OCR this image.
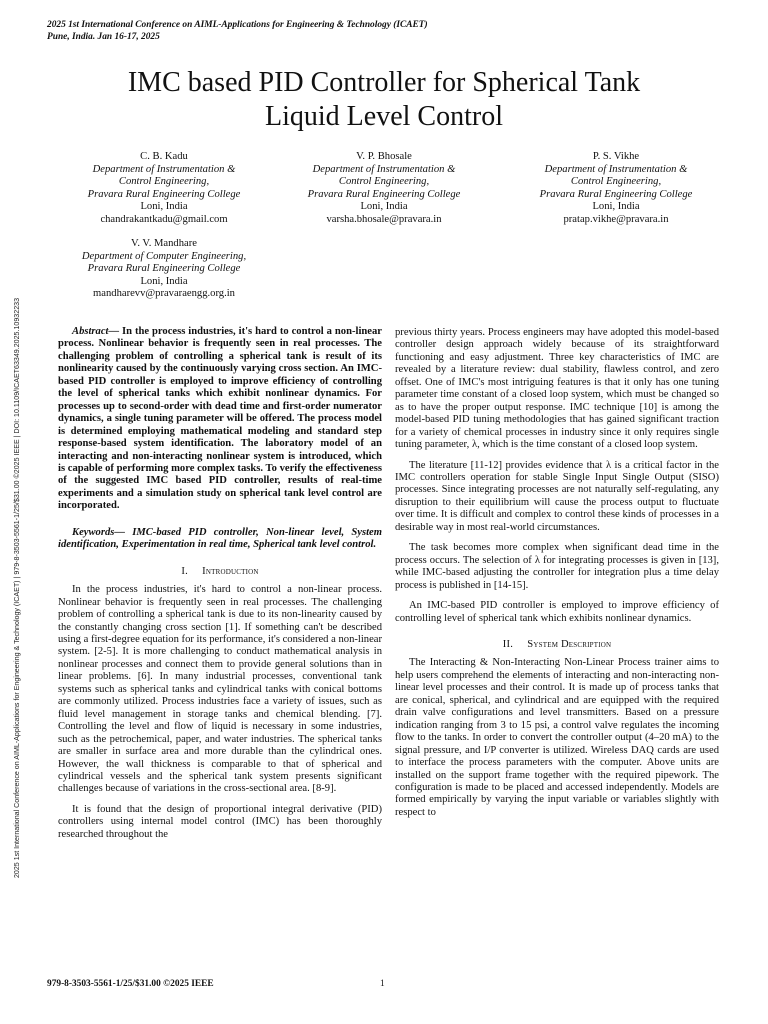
2025 1st International Conference on AIML-Applications for Engineering & Technology (ICAET)
Pune, India. Jan 16-17, 2025
IMC based PID Controller for Spherical Tank
Liquid Level Control
C. B. Kadu
Department of Instrumentation &
Control Engineering,
Pravara Rural Engineering College
Loni, India
chandrakantkadu@gmail.com
V. P. Bhosale
Department of Instrumentation &
Control Engineering,
Pravara Rural Engineering College
Loni, India
varsha.bhosale@pravara.in
P. S. Vikhe
Department of Instrumentation &
Control Engineering,
Pravara Rural Engineering College
Loni, India
pratap.vikhe@pravara.in
V. V. Mandhare
Department of Computer Engineering,
Pravara Rural Engineering College
Loni, India
mandharevv@pravaraengg.org.in
2025 1st International Conference on AIML-Applications for Engineering & Technology (ICAET) | 979-8-3503-5561-1/25/$31.00 ©2025 IEEE | DOI: 10.1109/ICAET63349.2025.10932233	Abstract— In the process industries, it's hard to control a non-linear process. Nonlinear behavior is frequently seen in real processes. The challenging problem of controlling a spherical tank is result of its nonlinearity caused by the continuously varying cross section. An IMC-based PID controller is employed to improve efficiency of controlling the level of spherical tanks which exhibit nonlinear dynamics. For processes up to second-order with dead time and first-order numerator dynamics, a single tuning parameter will be offered. The process model is determined employing mathematical modeling and standard step response-based system identification. The laboratory model of an interacting and non-interacting nonlinear system is introduced, which is capable of performing more complex tasks. To verify the effectiveness of the suggested IMC based PID controller, results of real-time experiments and a simulation study on spherical tank level control are incorporated.

Keywords— IMC-based PID controller, Non-linear level, System identification, Experimentation in real time, Spherical tank level control.

I. Introduction

In the process industries, it's hard to control a non-linear process. Nonlinear behavior is frequently seen in real processes. The challenging problem of controlling a spherical tank is due to its non-linearity caused by the constantly changing cross section [1]. If something can't be described using a first-degree equation for its performance, it's considered a non-linear system. [2-5]. It is more challenging to conduct mathematical analysis in nonlinear processes and connect them to provide general solutions than in linear problems. [6]. In many industrial processes, conventional tank systems such as spherical tanks and cylindrical tanks with conical bottoms are commonly utilized. Process industries face a variety of issues, such as fluid level management in storage tanks and chemical blending. [7]. Controlling the level and flow of liquid is necessary in some industries, such as the petrochemical, paper, and water industries. The spherical tanks are smaller in surface area and more durable than the cylindrical ones. However, the wall thickness is comparable to that of spherical and cylindrical vessels and the spherical tank system presents significant challenges because of variations in the cross-sectional area. [8-9].

It is found that the design of proportional integral derivative (PID) controllers using internal model control (IMC) has been thoroughly researched throughout the

previous thirty years. Process engineers may have adopted this model-based controller design approach widely because of its straightforward functioning and easy adjustment. Three key characteristics of IMC are revealed by a literature review: dual stability, flawless control, and zero offset. One of IMC's most intriguing features is that it only has one tuning parameter time constant of a closed loop system, which must be changed so as to have the proper output response. IMC technique [10] is among the model-based PID tuning methodologies that has gained significant traction for a variety of chemical processes in industry since it only requires single tuning parameter, λ, which is the time constant of a closed loop system.

The literature [11-12] provides evidence that λ is a critical factor in the IMC controllers operation for stable Single Input Single Output (SISO) processes. Since integrating processes are not naturally self-regulating, any disruption to their equilibrium will cause the process output to fluctuate over time. It is difficult and complex to control these kinds of processes in a desirable way in most real-world circumstances.

The task becomes more complex when significant dead time in the process occurs. The selection of λ for integrating processes is given in [13], while IMC-based adjusting the controller for integration plus a time delay process is published in [14-15].

An IMC-based PID controller is employed to improve efficiency of controlling level of spherical tank which exhibits nonlinear dynamics.

II. System Description

The Interacting & Non-Interacting Non-Linear Process trainer aims to help users comprehend the elements of interacting and non-interacting non-linear level processes and their control. It is made up of process tanks that are conical, spherical, and cylindrical and are equipped with the required drain valve configurations and level transmitters. Based on a pressure indication ranging from 3 to 15 psi, a control valve regulates the incoming flow to the tanks. In order to convert the controller output (4–20 mA) to the signal pressure, and I/P converter is utilized. Wireless DAQ cards are used to interface the process parameters with the computer. Above units are installed on the support frame together with the required pipework. The configuration is made to be placed and accessed independently. Models are formed empirically by varying the input variable or variables slightly with respect to

979-8-3503-5561-1/25/$31.00 ©2025 IEEE	1
